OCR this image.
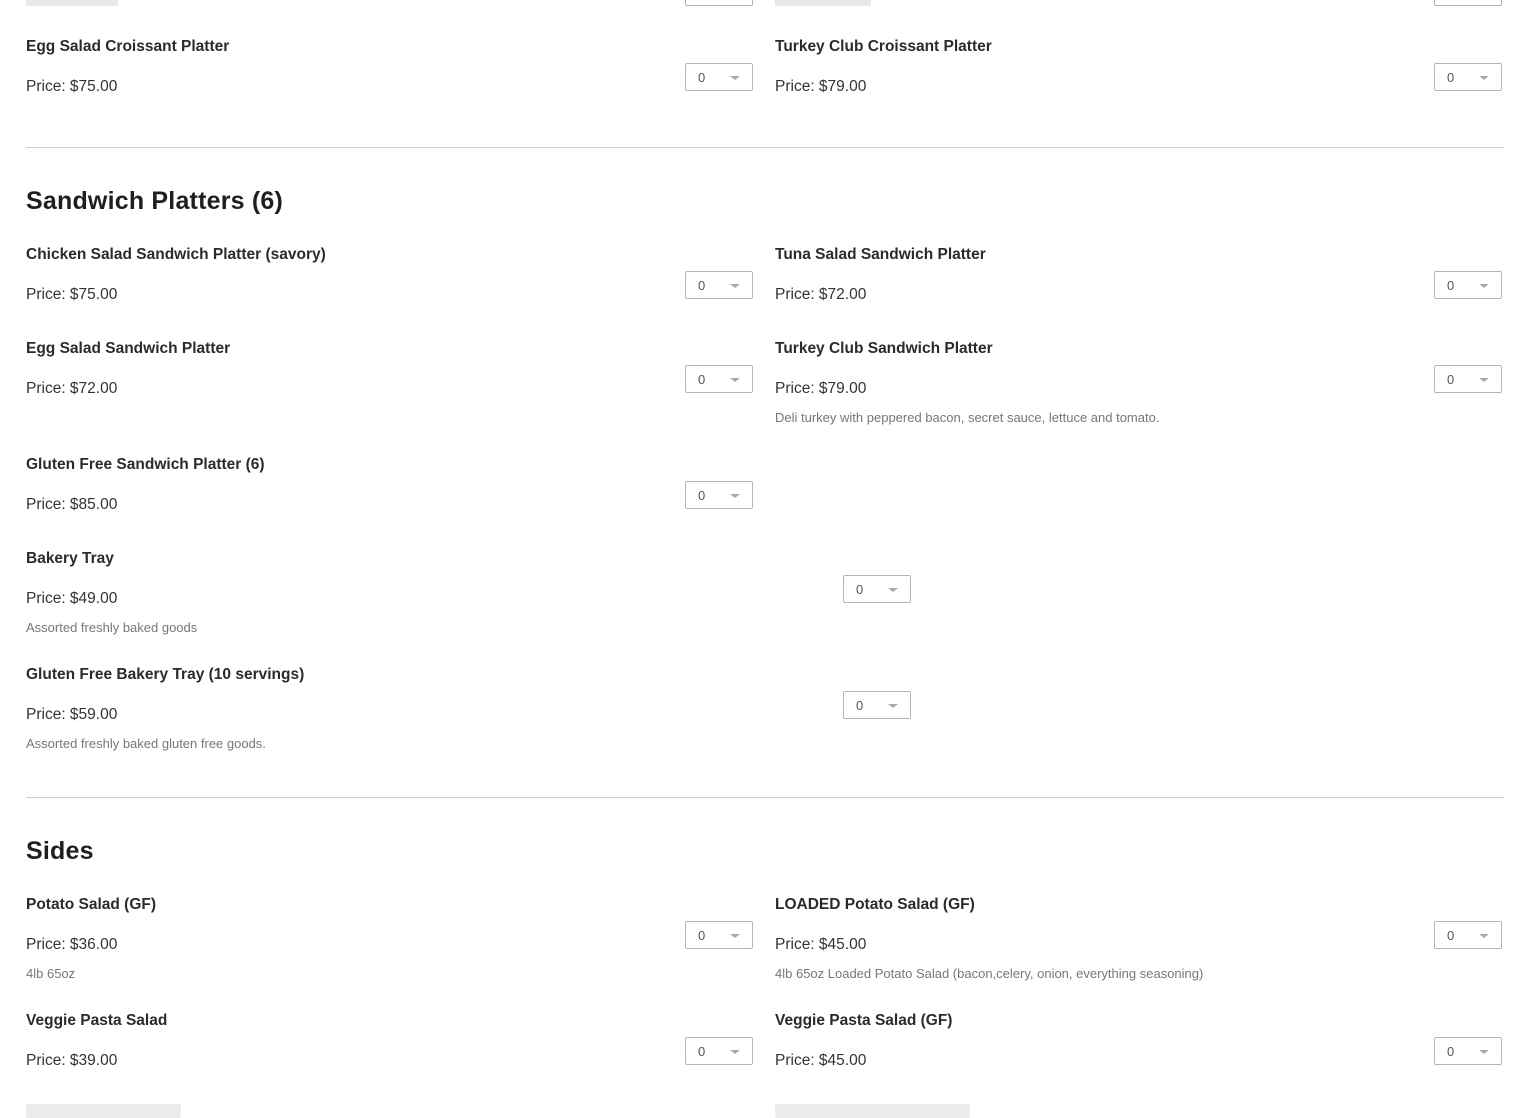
Egg Salad Croissant Platter
Price: $75.00
0
Turkey Club Croissant Platter
Price: $79.00
0
Sandwich Platters (6)
Chicken Salad Sandwich Platter (savory)
Price: $75.00
0
Tuna Salad Sandwich Platter
Price: $72.00
0
Egg Salad Sandwich Platter
Price: $72.00
0
Turkey Club Sandwich Platter
Price: $79.00
Deli turkey with peppered bacon, secret sauce, lettuce and tomato.
0
Gluten Free Sandwich Platter (6)
Price: $85.00
0
Bakery Tray
Price: $49.00
Assorted freshly baked goods
0
Gluten Free Bakery Tray (10 servings)
Price: $59.00
Assorted freshly baked gluten free goods.
0
Sides
Potato Salad (GF)
Price: $36.00
4lb 65oz
0
LOADED Potato Salad (GF)
Price: $45.00
4lb 65oz Loaded Potato Salad (bacon,celery, onion, everything seasoning)
0
Veggie Pasta Salad
Price: $39.00
0
Veggie Pasta Salad (GF)
Price: $45.00
0
